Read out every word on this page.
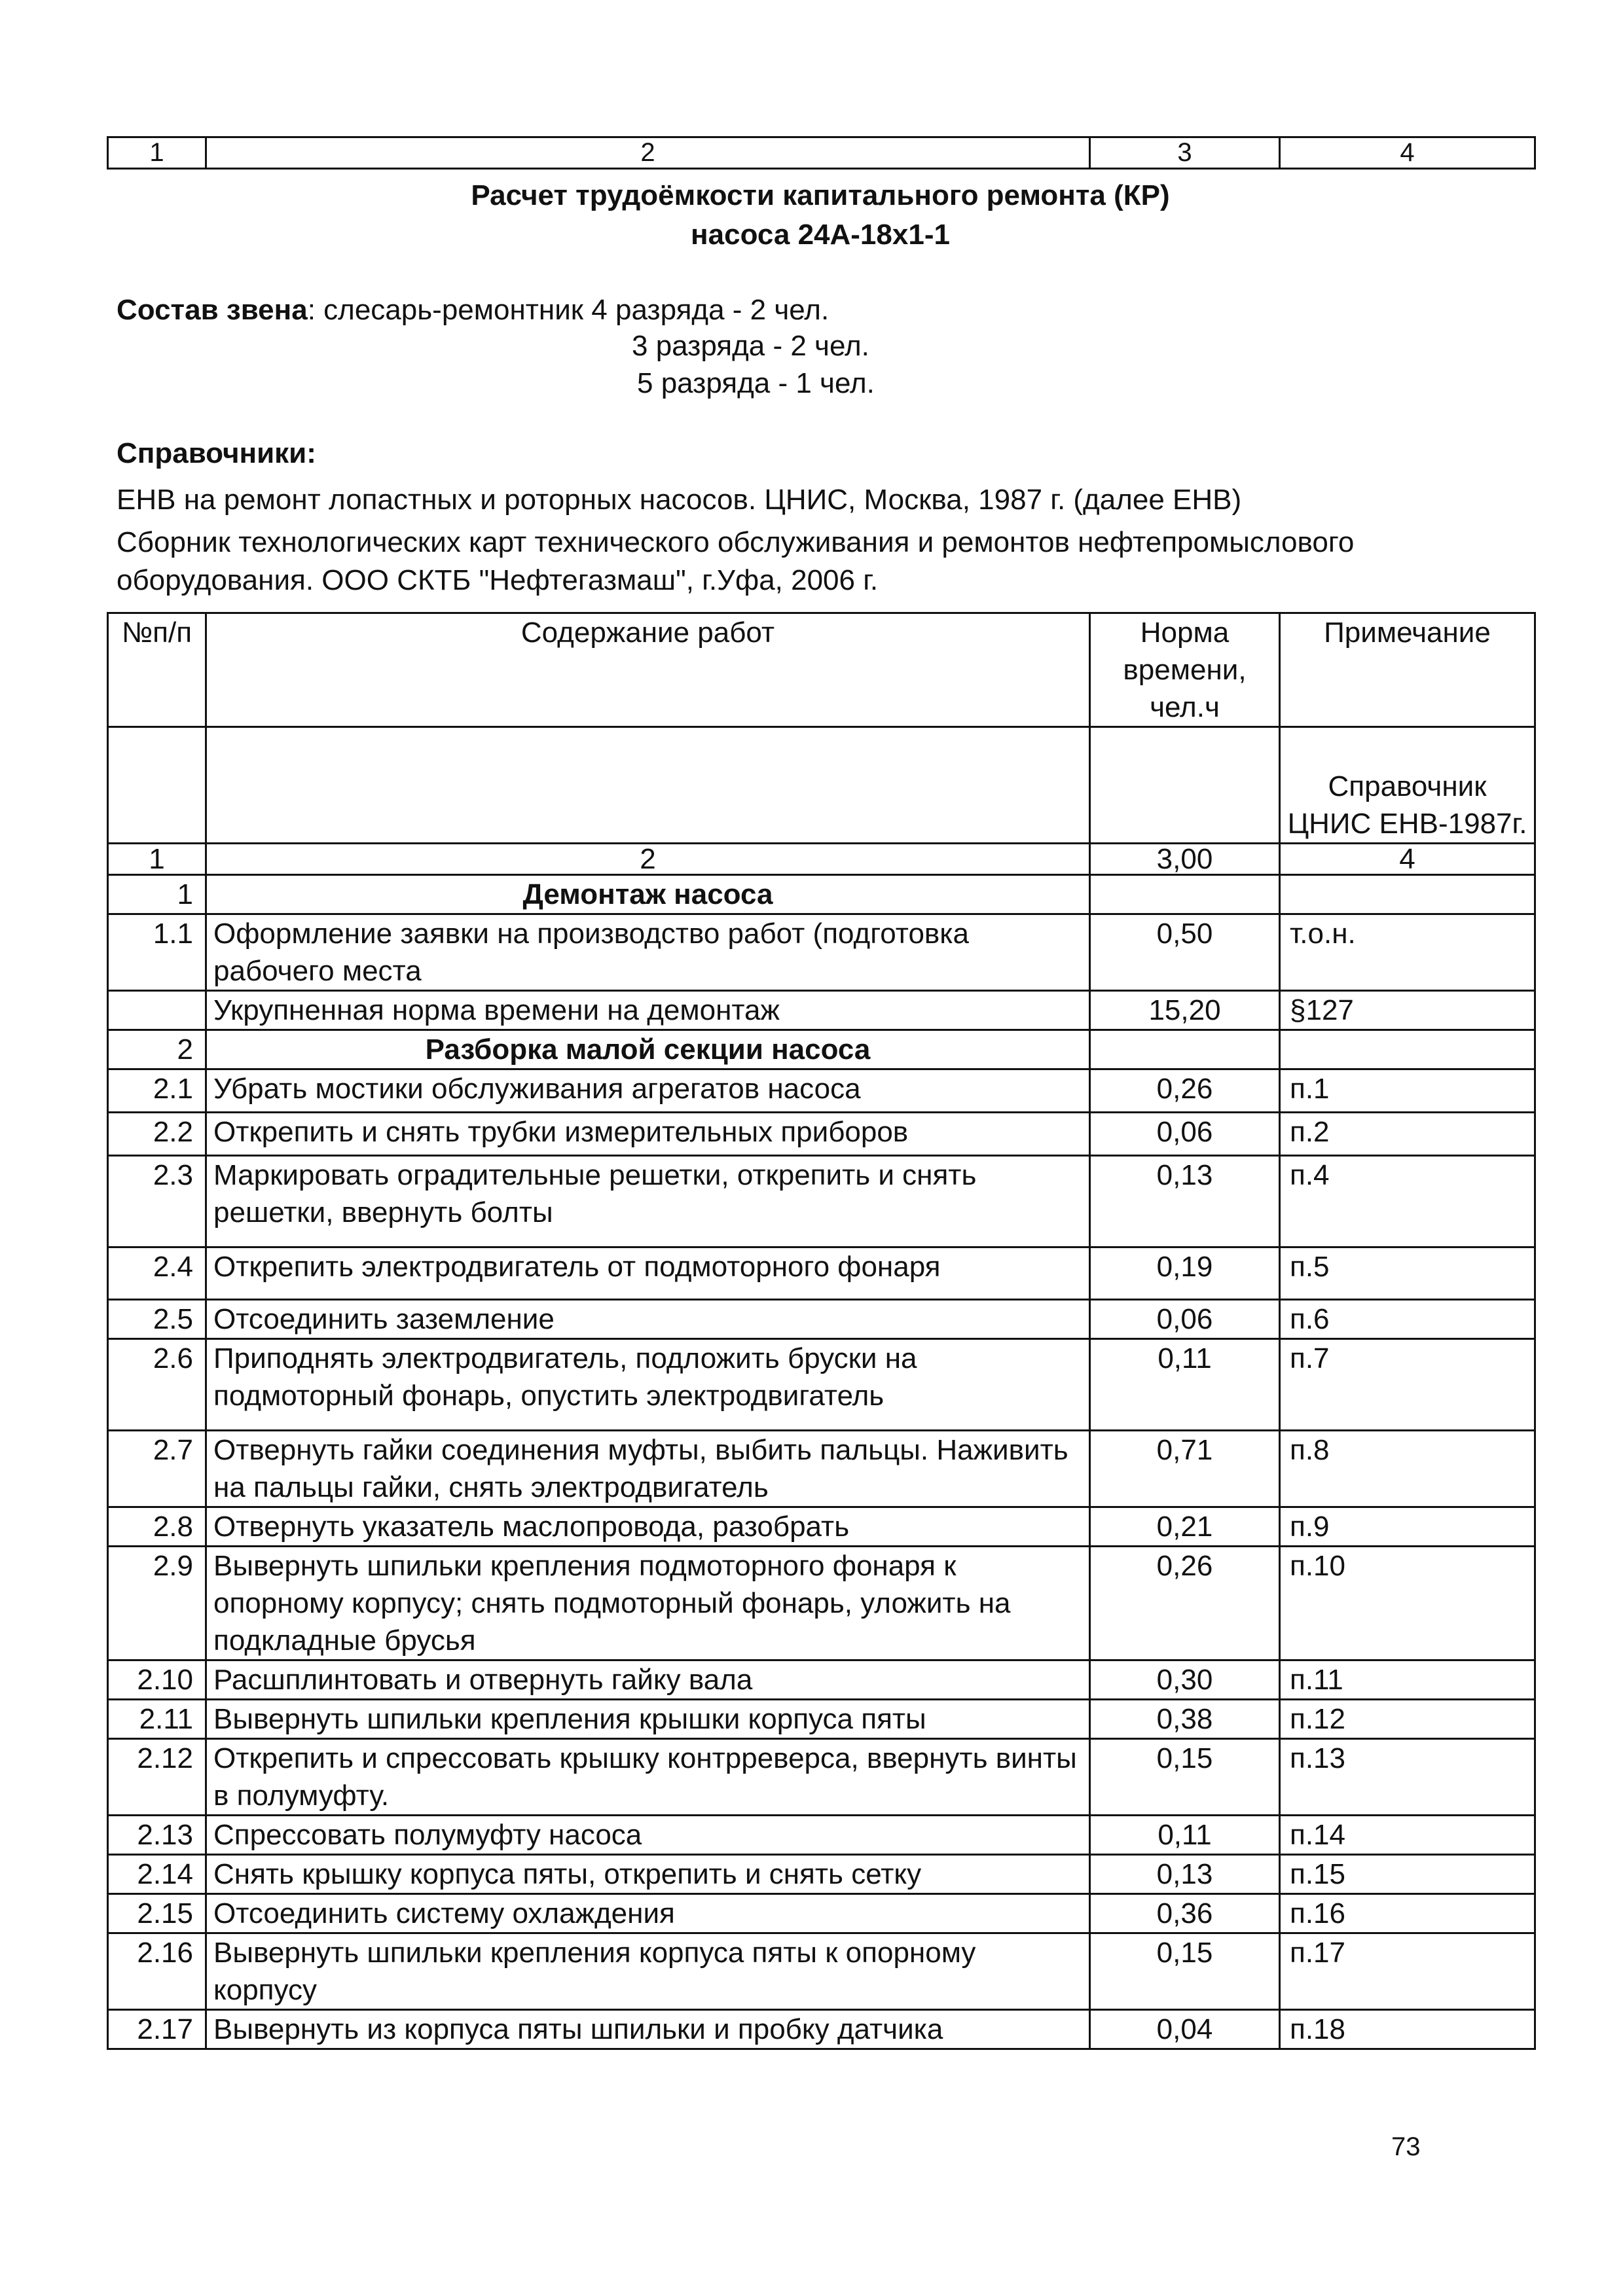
1	2	3	4
Расчет трудоёмкости капитального ремонта (КР)
насоса 24А-18х1-1
Состав звена: слесарь-ремонтник 4 разряда - 2 чел.
3 разряда - 2 чел.
5 разряда - 1 чел.
Справочники:
ЕНВ на ремонт лопастных и роторных насосов. ЦНИС, Москва, 1987 г. (далее ЕНВ)
Сборник технологических карт технического обслуживания и ремонтов нефтепромыслового оборудования. ООО СКТБ "Нефтегазмаш", г.Уфа, 2006 г.
№п/п	Содержание работ	Норма времени, чел.ч	Примечание
			Справочник ЦНИС ЕНВ-1987г.
1	2	3,00	4
1	Демонтаж насоса		
1.1	Оформление заявки на производство работ (подготовка рабочего места	0,50	т.о.н.
	Укрупненная норма времени на демонтаж	15,20	§127
2	Разборка малой секции насоса		
2.1	Убрать мостики обслуживания агрегатов насоса	0,26	п.1
2.2	Открепить и снять трубки измерительных приборов	0,06	п.2
2.3	Маркировать оградительные решетки, открепить и снять решетки, ввернуть болты	0,13	п.4
2.4	Открепить электродвигатель от подмоторного фонаря	0,19	п.5
2.5	Отсоединить заземление	0,06	п.6
2.6	Приподнять электродвигатель, подложить бруски на подмоторный фонарь, опустить электродвигатель	0,11	п.7
2.7	Отвернуть гайки соединения муфты, выбить пальцы. Наживить на пальцы гайки, снять электродвигатель	0,71	п.8
2.8	Отвернуть указатель маслопровода, разобрать	0,21	п.9
2.9	Вывернуть шпильки крепления подмоторного фонаря к опорному корпусу; снять подмоторный фонарь, уложить на подкладные брусья	0,26	п.10
2.10	Расшплинтовать и отвернуть гайку вала	0,30	п.11
2.11	Вывернуть шпильки крепления крышки корпуса пяты	0,38	п.12
2.12	Открепить и спрессовать крышку контрреверса, ввернуть винты в полумуфту.	0,15	п.13
2.13	Спрессовать полумуфту насоса	0,11	п.14
2.14	Снять крышку корпуса пяты, открепить и снять сетку	0,13	п.15
2.15	Отсоединить систему охлаждения	0,36	п.16
2.16	Вывернуть шпильки крепления корпуса пяты к опорному корпусу	0,15	п.17
2.17	Вывернуть из корпуса пяты шпильки и пробку датчика	0,04	п.18
73
